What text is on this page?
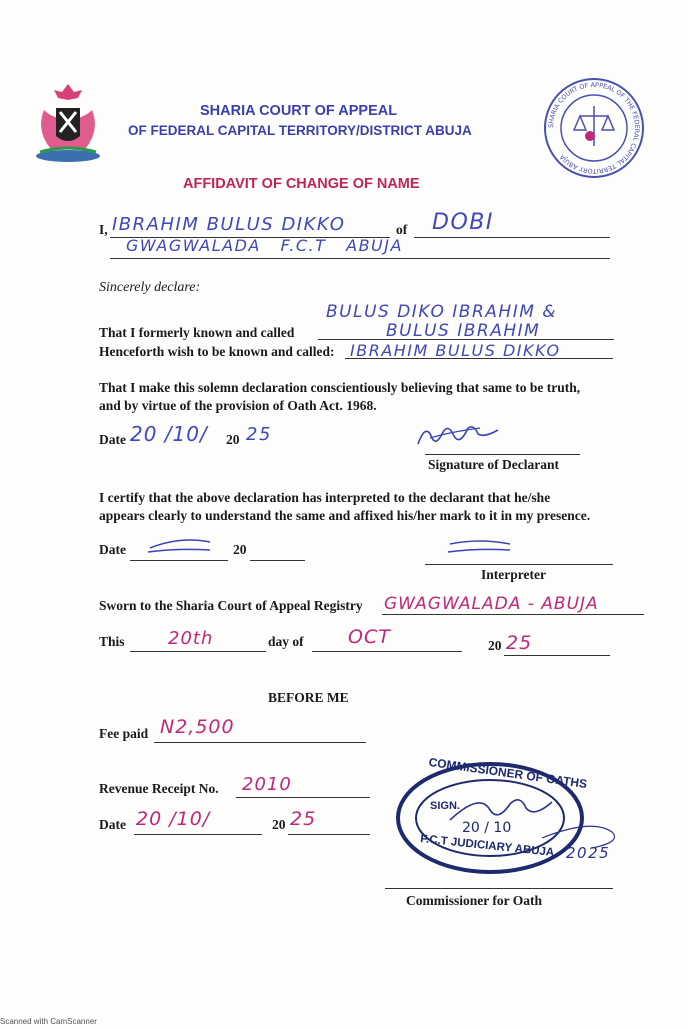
SHARIA COURT OF APPEAL
OF FEDERAL CAPITAL TERRITORY/DISTRICT ABUJA	SHARIA COURT OF APPEAL OF THE FEDERAL CAPITAL TERRITORY ABUJA
AFFIDAVIT OF CHANGE OF NAME
I, IBRAHIM BULUS DIKKO	of DOBI
GWAGWALADA   F.C.T   ABUJA
Sincerely declare:
BULUS DIKO IBRAHIM &
That I formerly known and called	BULUS IBRAHIM
Henceforth wish to be known and called: IBRAHIM BULUS DIKKO
That I make this solemn declaration conscientiously believing that same to be truth,
and by virtue of the provision of Oath Act. 1968.
Date 20 /10/ 20 25
Signature of Declarant
I certify that the above declaration has interpreted to the declarant that he/she
appears clearly to understand the same and affixed his/her mark to it in my presence.
Date	20
Interpreter
Sworn to the Sharia Court of Appeal Registry GWAGWALADA - ABUJA
This 20th	day of OCT	20 25
BEFORE ME
Fee paid N2,500
Revenue Receipt No. 2010
Date 20 /10/	20 25
COMMISSIONER OF OATHS
SIGN.
20 / 10
F.C.T JUDICIARY ABUJA 2025
Commissioner for Oath
Scanned with CamScanner
